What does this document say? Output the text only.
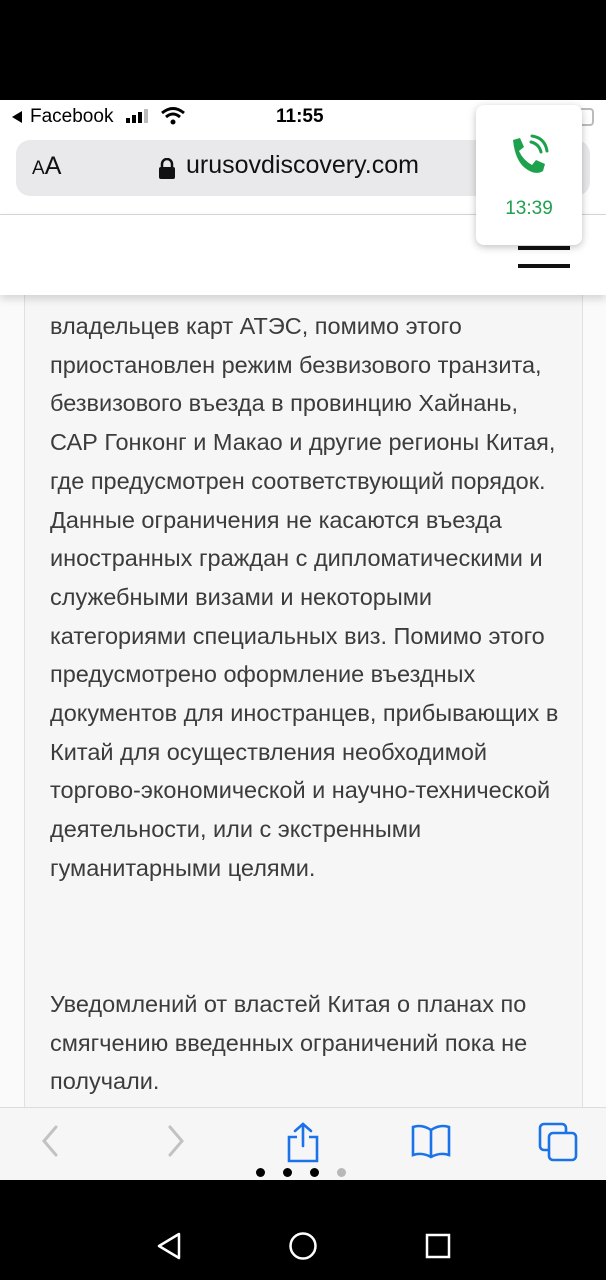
Facebook	11:55
AA	urusovdiscovery.com
13:39

владельцев карт АТЭС, помимо этого приостановлен режим безвизового транзита, безвизового въезда в провинцию Хайнань, САР Гонконг и Макао и другие регионы Китая, где предусмотрен соответствующий порядок. Данные ограничения не касаются въезда иностранных граждан с дипломатическими и служебными визами и некоторыми категориями специальных виз. Помимо этого предусмотрено оформление въездных документов для иностранцев, прибывающих в Китай для осуществления необходимой торгово-экономической и научно-технической деятельности, или с экстренными гуманитарными целями.

Уведомлений от властей Китая о планах по смягчению введенных ограничений пока не получали.
